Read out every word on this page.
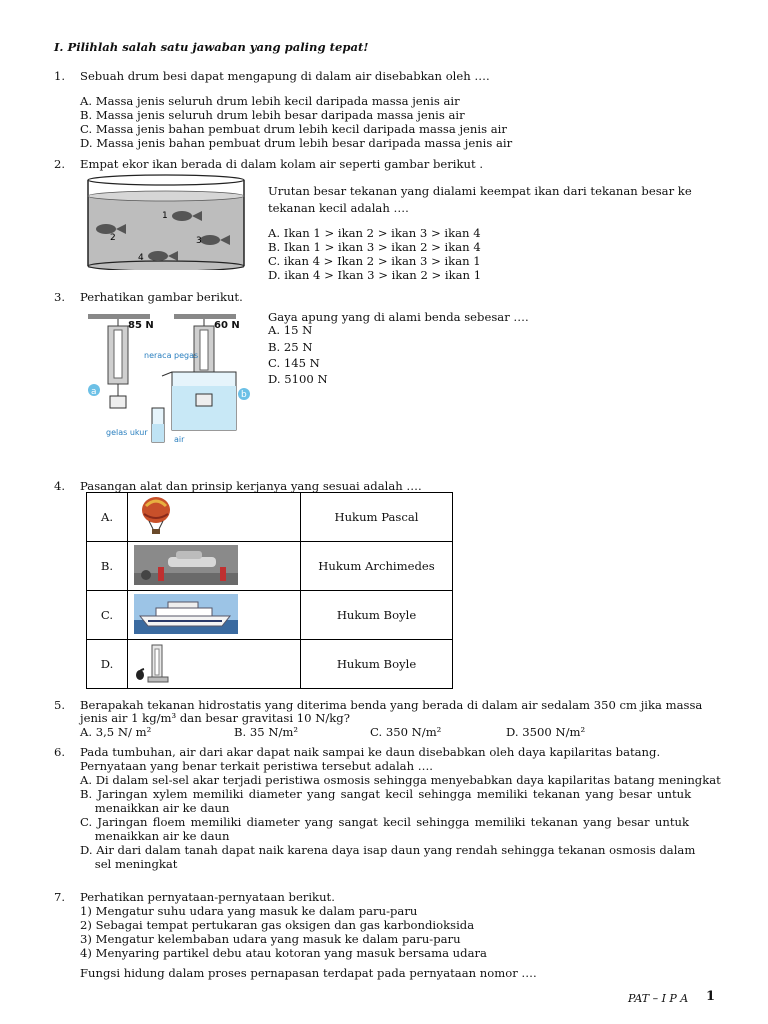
I. Pilihlah salah satu jawaban yang paling tepat!
1. Sebuah drum besi dapat mengapung di dalam air disebabkan oleh ….
A. Massa jenis seluruh drum lebih kecil daripada massa jenis air
B. Massa jenis seluruh drum lebih besar daripada massa jenis air
C. Massa jenis bahan pembuat drum lebih kecil daripada massa jenis air
D. Massa jenis bahan pembuat drum lebih besar daripada massa jenis air
2. Empat ekor ikan berada di dalam kolam air seperti gambar berikut .
1
2	3
4
Urutan besar tekanan yang dialami keempat ikan dari tekanan besar ke
tekanan kecil adalah ….
A. Ikan 1 > ikan 2 > ikan 3 > ikan 4
B. Ikan 1 > ikan 3 > ikan 2 > ikan 4
C. ikan 4 > Ikan 2 > ikan 3 > ikan 1
D. ikan 4 > Ikan 3 > ikan 2 > ikan 1
3. Perhatikan gambar berikut.
85 N	60 N
neraca pegas
a	b
gelas ukur
air
Gaya apung yang di alami benda sebesar ….
A. 15 N
B. 25 N
C. 145 N
D. 5100 N
4. Pasangan alat dan prinsip kerjanya yang sesuai adalah ….
A.		Hukum Pascal
B.		Hukum Archimedes
C.		Hukum Boyle
D.		Hukum Boyle
5. Berapakah tekanan hidrostatis yang diterima benda yang berada di dalam air sedalam 350 cm jika massa
jenis air 1 kg/m³ dan besar gravitasi 10 N/kg?
A. 3,5 N/ m²	B. 35 N/m²	C. 350 N/m²	D. 3500 N/m²
6. Pada tumbuhan, air dari akar dapat naik sampai ke daun disebabkan oleh daya kapilaritas batang.
Pernyataan yang benar terkait peristiwa tersebut adalah ….
A. Di dalam sel-sel akar terjadi peristiwa osmosis sehingga menyebabkan daya kapilaritas batang meningkat
B. Jaringan xylem memiliki diameter yang sangat kecil sehingga memiliki tekanan yang besar untuk
menaikkan air ke daun
C. Jaringan floem memiliki diameter yang sangat kecil sehingga memiliki tekanan yang besar untuk
menaikkan air ke daun
D. Air dari dalam tanah dapat naik karena daya isap daun yang rendah sehingga tekanan osmosis dalam
sel meningkat
7. Perhatikan pernyataan-pernyataan berikut.
1) Mengatur suhu udara yang masuk ke dalam paru-paru
2) Sebagai tempat pertukaran gas oksigen dan gas karbondioksida
3) Mengatur kelembaban udara yang masuk ke dalam paru-paru
4) Menyaring partikel debu atau kotoran yang masuk bersama udara
Fungsi hidung dalam proses pernapasan terdapat pada pernyataan nomor ….
PAT – I P A 1
